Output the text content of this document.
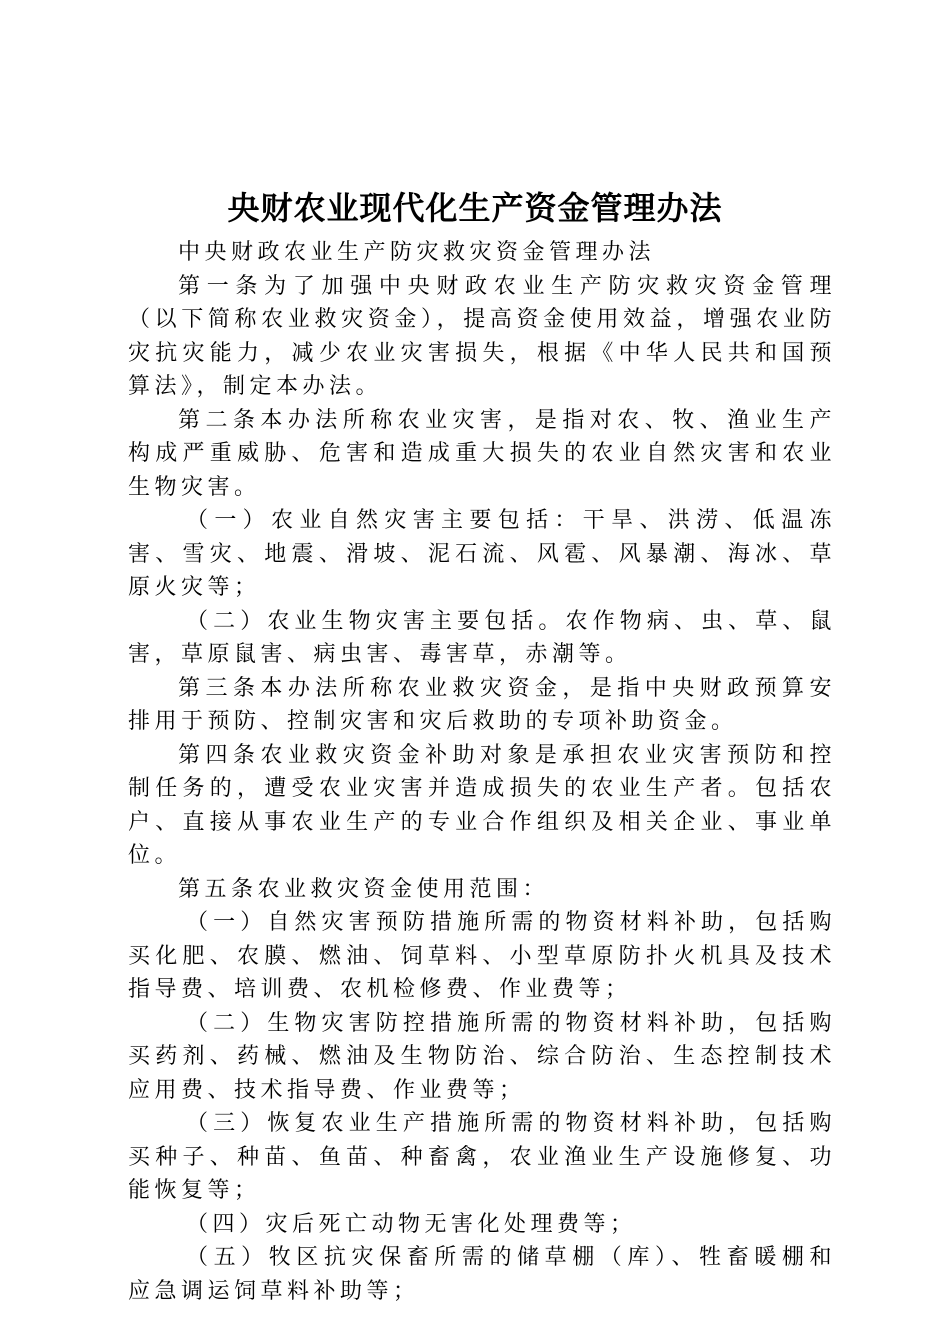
央财农业现代化生产资金管理办法

中央财政农业生产防灾救灾资金管理办法

第一条为了加强中央财政农业生产防灾救灾资金管理（以下简称农业救灾资金），提高资金使用效益，增强农业防灾抗灾能力，减少农业灾害损失，根据《中华人民共和国预算法》，制定本办法。

第二条本办法所称农业灾害，是指对农、牧、渔业生产构成严重威胁、危害和造成重大损失的农业自然灾害和农业生物灾害。

（一）农业自然灾害主要包括：干旱、洪涝、低温冻害、雪灾、地震、滑坡、泥石流、风雹、风暴潮、海冰、草原火灾等；

（二）农业生物灾害主要包括。农作物病、虫、草、鼠害，草原鼠害、病虫害、毒害草，赤潮等。

第三条本办法所称农业救灾资金，是指中央财政预算安排用于预防、控制灾害和灾后救助的专项补助资金。

第四条农业救灾资金补助对象是承担农业灾害预防和控制任务的，遭受农业灾害并造成损失的农业生产者。包括农户、直接从事农业生产的专业合作组织及相关企业、事业单位。

第五条农业救灾资金使用范围：

（一）自然灾害预防措施所需的物资材料补助，包括购买化肥、农膜、燃油、饲草料、小型草原防扑火机具及技术指导费、培训费、农机检修费、作业费等；

（二）生物灾害防控措施所需的物资材料补助，包括购买药剂、药械、燃油及生物防治、综合防治、生态控制技术应用费、技术指导费、作业费等；

（三）恢复农业生产措施所需的物资材料补助，包括购买种子、种苗、鱼苗、种畜禽，农业渔业生产设施修复、功能恢复等；

（四）灾后死亡动物无害化处理费等；

（五）牧区抗灾保畜所需的储草棚（库）、牲畜暖棚和应急调运饲草料补助等；
